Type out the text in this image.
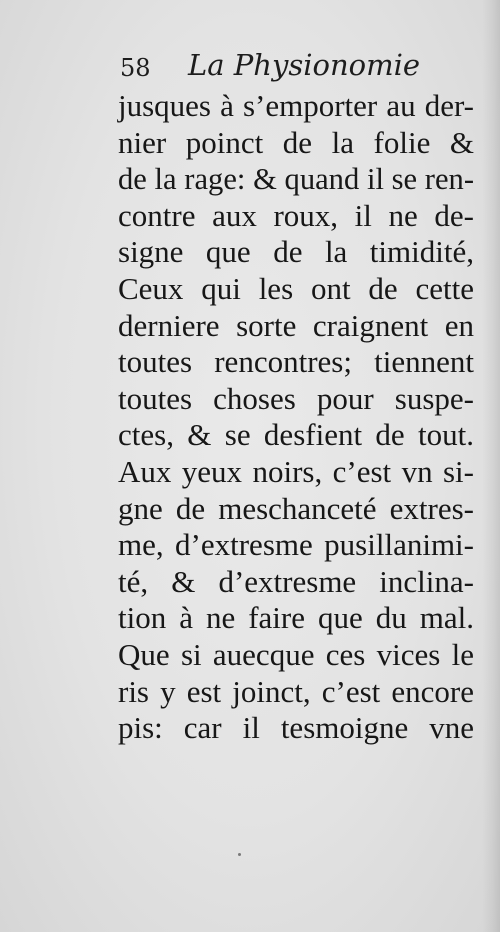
58 La Physionomie
jusques à s’emporter au der-
nier poinct de la folie &
de la rage: & quand il se ren-
contre aux roux, il ne de-
signe que de la timidité,
Ceux qui les ont de cette
derniere sorte craignent en
toutes rencontres; tiennent
toutes choses pour suspe-
ctes, & se desfient de tout.
Aux yeux noirs, c’est vn si-
gne de meschanceté extres-
me, d’extresme pusillanimi-
té, & d’extresme inclina-
tion à ne faire que du mal.
Que si auecque ces vices le
ris y est joinct, c’est encore
pis: car il tesmoigne vne
